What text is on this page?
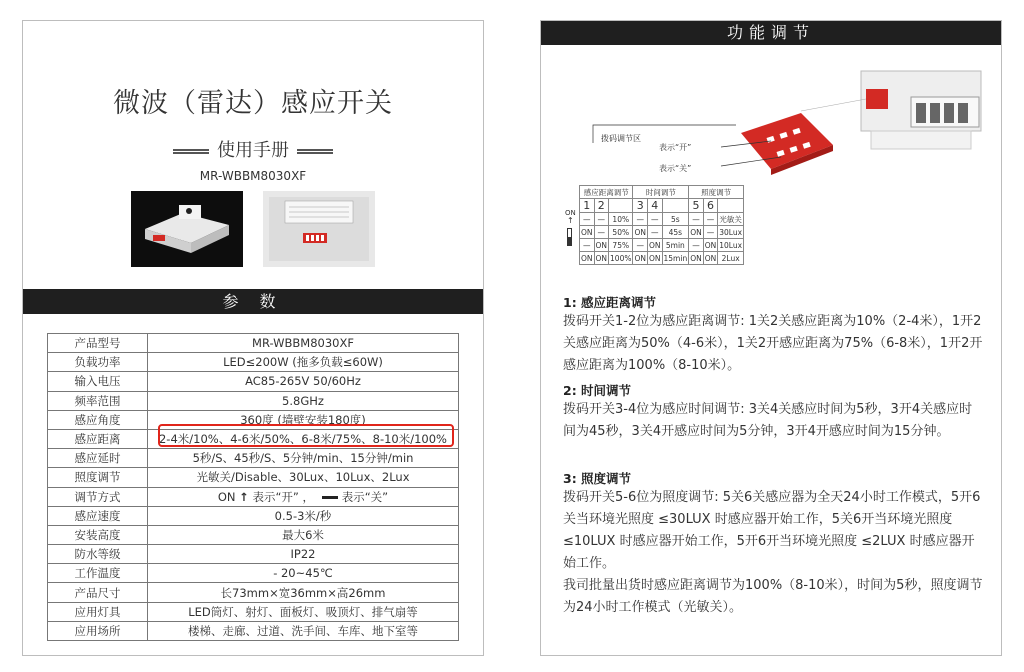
微波（雷达）感应开关
使用手册
MR-WBBM8030XF
参 数
产品型号	MR-WBBM8030XF
负载功率	LED≤200W (拖多负载≤60W)
输入电压	AC85-265V 50/60Hz
频率范围	5.8GHz
感应角度	360度 (墙壁安装180度)
感应距离	2-4米/10%、4-6米/50%、6-8米/75%、8-10米/100%
感应延时	5秒/S、45秒/S、5分钟/min、15分钟/min
照度调节	光敏关/Disable、30Lux、10Lux、2Lux
调节方式	ON ↑ 表示“开” ， 表示“关”
感应速度	0.5-3米/秒
安装高度	最大6米
防水等级	IP22
工作温度	- 20~45℃
产品尺寸	长73mm×宽36mm×高26mm
应用灯具	LED筒灯、射灯、面板灯、吸顶灯、排气扇等
应用场所	楼梯、走廊、过道、洗手间、车库、地下室等
功能调节
拨码调节区
表示“开”
表示“关”
ON
↑
感应距离调节			时间调节			照度调节		
1	2		3	4		5	6	
—	—	10%	—	—	5s	—	—	光敏关
ON	—	50%	ON	—	45s	ON	—	30Lux
—	ON	75%	—	ON	5min	—	ON	10Lux
ON	ON	100%	ON	ON	15min	ON	ON	2Lux
1: 感应距离调节
拨码开关1-2位为感应距离调节: 1关2关感应距离为10%（2-4米），1开2关感应距离为50%（4-6米），1关2开感应距离为75%（6-8米），1开2开感应距离为100%（8-10米）。
2: 时间调节
拨码开关3-4位为感应时间调节: 3关4关感应时间为5秒，3开4关感应时间为45秒，3关4开感应时间为5分钟，3开4开感应时间为15分钟。
3: 照度调节
拨码开关5-6位为照度调节: 5关6关感应器为全天24小时工作模式，5开6关当环境光照度 ≤30LUX 时感应器开始工作，5关6开当环境光照度 ≤10LUX 时感应器开始工作，5开6开当环境光照度 ≤2LUX 时感应器开始工作。
我司批量出货时感应距离调节为100%（8-10米），时间为5秒，照度调节为24小时工作模式（光敏关）。
